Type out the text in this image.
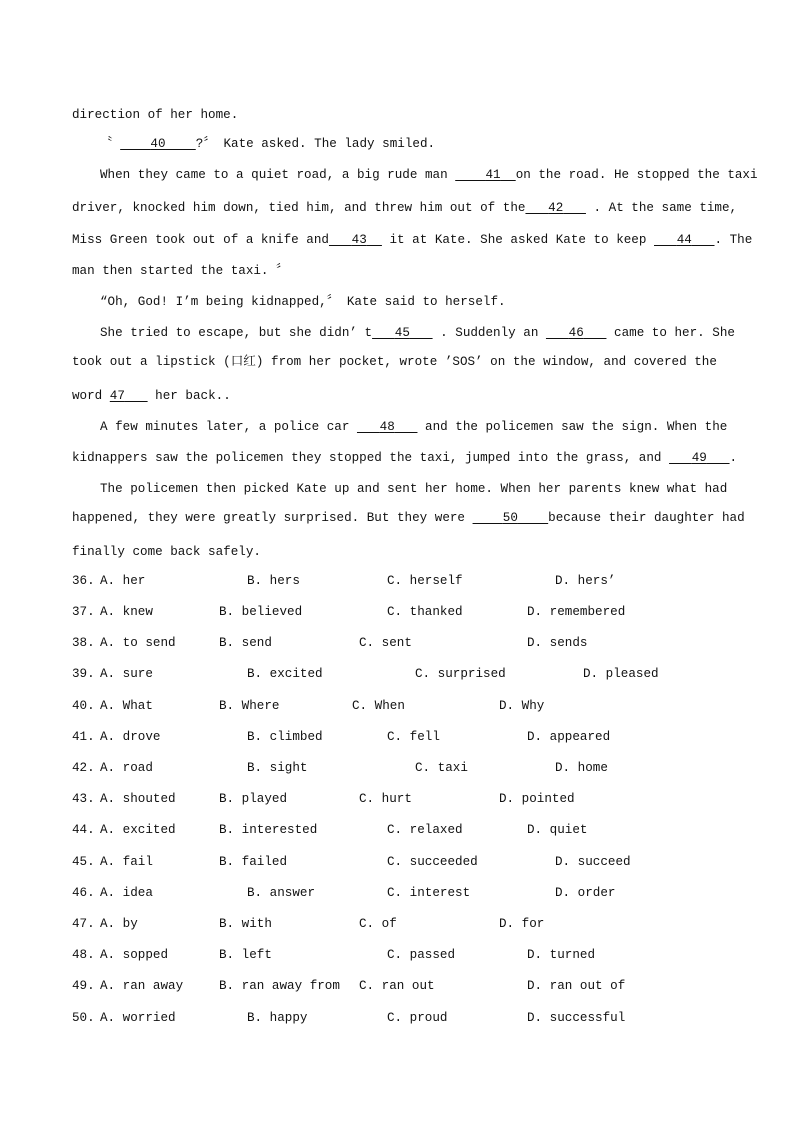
direction of her home.
〝	40 ?〞 Kate asked. The lady smiled.
When they came to a quiet road, a big rude man	41 on the road. He stopped the taxi
driver, knocked him down, tied him, and threw him out of the	42 . At the same time,
Miss Green took out of a knife and 43 it at Kate. She asked Kate to keep 44 . The
man then started the taxi. 〞
“Oh, God! I’m being kidnapped,〞 Kate said to herself.
She tried to escape, but she didn’ t 45 . Suddenly an 46 came to her. She
took out a lipstick (口红) from her pocket, wrote ’SOS’ on the window, and covered the
word 47 her back..
A few minutes later, a police car 48 and the policemen saw the sign. When the
kidnappers saw the policemen they stopped the taxi, jumped into the grass, and 49 .
The policemen then picked Kate up and sent her home. When her parents knew what had
happened, they were greatly surprised. But they were	50 because their daughter had
finally come back safely.
36. A. her	B. hers	C. herself	D. hers’
37. A. knew	B. believed	C. thanked	D. remembered
38. A. to send	B. send	C. sent	D. sends
39. A. sure	B. excited	C. surprised	D. pleased
40. A. What	B. Where	C. When	D. Why
41. A. drove	B. climbed	C. fell	D. appeared
42. A. road	B. sight	C. taxi	D. home
43. A. shouted	B. played	C. hurt	D. pointed
44. A. excited	B. interested	C. relaxed	D. quiet
45. A. fail	B. failed	C. succeeded	D. succeed
46. A. idea	B. answer	C. interest	D. order
47. A. by	B. with	C. of	D. for
48. A. sopped	B. left	C. passed	D. turned
49. A. ran away	B. ran away from C. ran out	D. ran out of
50. A. worried	B. happy	C. proud	D. successful
